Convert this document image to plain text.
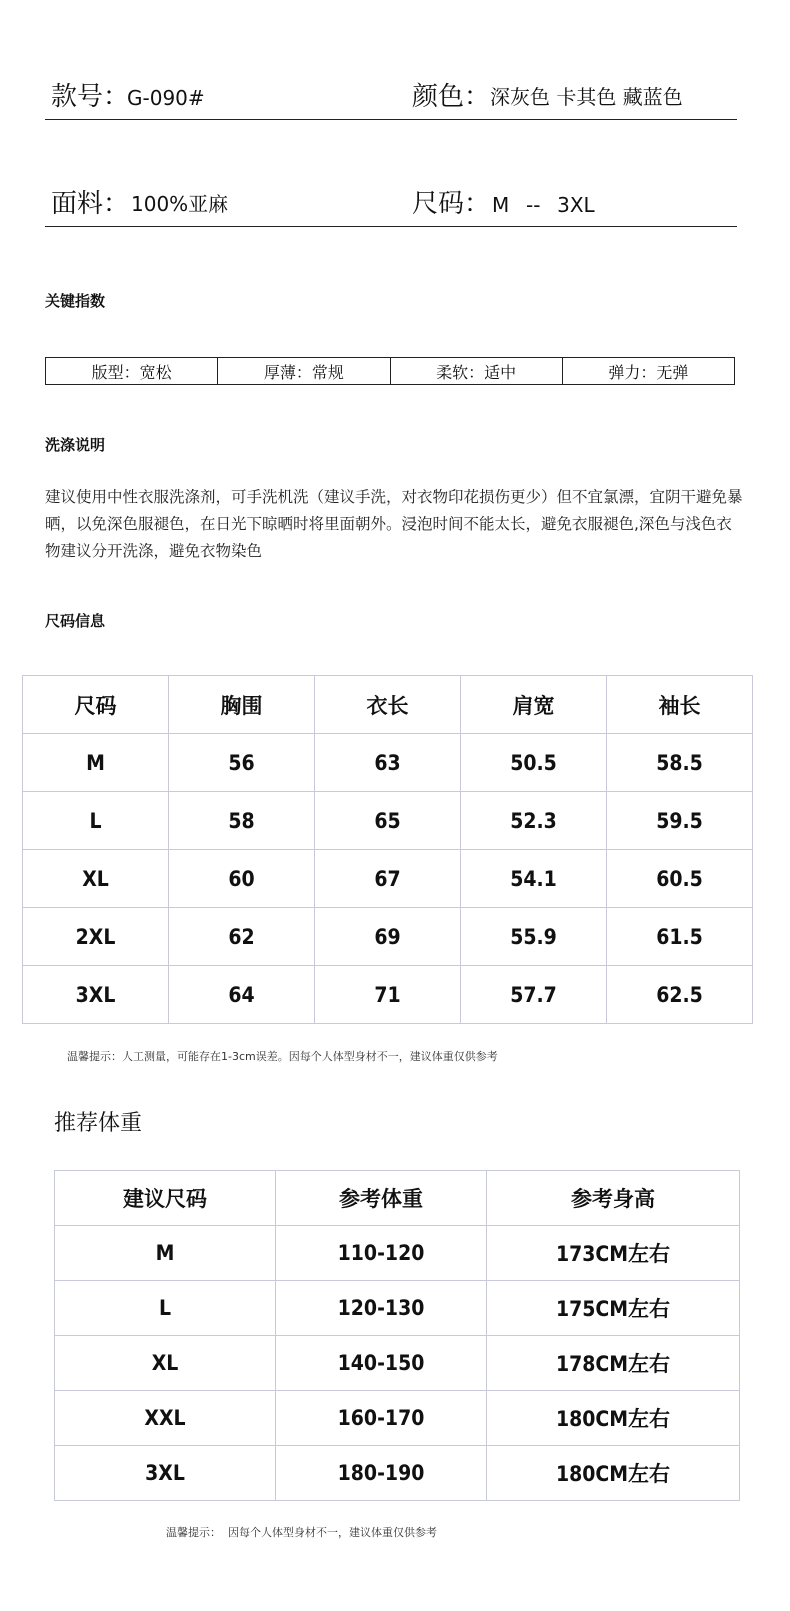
款号：
G-090#	颜色： 深灰色 卡其色 藏蓝色
面料： 100%亚麻	尺码： M  --  3XL
关键指数
版型：宽松	厚薄：常规	柔软：适中	弹力：无弹
洗涤说明

建议使用中性衣服洗涤剂，可手洗机洗（建议手洗，对衣物印花损伤更少）但不宜氯漂，宜阴干避免暴晒，以免深色服褪色，在日光下晾晒时将里面朝外。浸泡时间不能太长，避免衣服褪色,深色与浅色衣物建议分开洗涤，避免衣物染色

尺码信息
尺码	胸围	衣长	肩宽	袖长
M	56	63	50.5	58.5
L	58	65	52.3	59.5
XL	60	67	54.1	60.5
2XL	62	69	55.9	61.5
3XL	64	71	57.7	62.5
温馨提示：人工测量，可能存在1-3cm误差。因每个人体型身材不一，建议体重仅供参考
推荐体重
建议尺码	参考体重	参考身高
M	110-120	173CM左右
L	120-130	175CM左右
XL	140-150	178CM左右
XXL	160-170	180CM左右
3XL	180-190	180CM左右
温馨提示：  因每个人体型身材不一，建议体重仅供参考
